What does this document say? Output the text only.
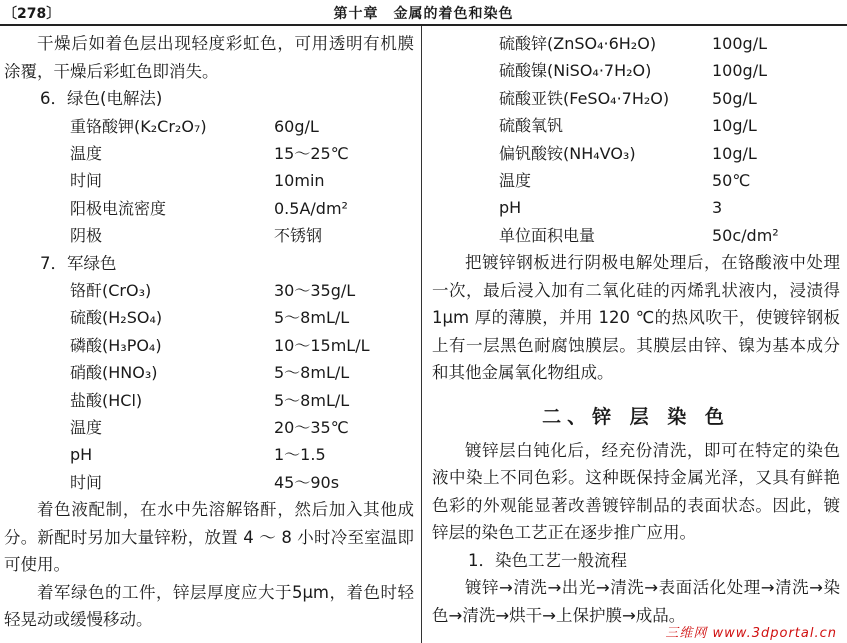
〔278〕	第十章　金属的着色和染色

干燥后如着色层出现轻度彩虹色，可用透明有机膜涂覆，干燥后彩虹色即消失。

6．绿色(电解法)
重铬酸钾(K₂Cr₂O₇)	60g/L
温度	15～25℃
时间	10min
阳极电流密度	0.5A/dm²
阴极	不锈钢
7．军绿色
铬酐(CrO₃)	30～35g/L
硫酸(H₂SO₄)	5～8mL/L
磷酸(H₃PO₄)	10～15mL/L
硝酸(HNO₃)	5～8mL/L
盐酸(HCl)	5～8mL/L
温度	20～35℃
pH	1～1.5
时间	45～90s

着色液配制，在水中先溶解铬酐，然后加入其他成分。新配时另加大量锌粉，放置 4 ～ 8 小时冷至室温即可使用。

着军绿色的工件，锌层厚度应大于5μm，着色时轻轻晃动或缓慢移动。

硫酸锌(ZnSO₄·6H₂O)	100g/L
硫酸镍(NiSO₄·7H₂O)	100g/L
硫酸亚铁(FeSO₄·7H₂O)	50g/L
硫酸氧钒	10g/L
偏钒酸铵(NH₄VO₃)	10g/L
温度	50℃
pH	3
单位面积电量	50c/dm²

把镀锌钢板进行阴极电解处理后，在铬酸液中处理一次，最后浸入加有二氧化硅的丙烯乳状液内，浸渍得 1μm 厚的薄膜，并用 120 ℃的热风吹干，使镀锌钢板上有一层黑色耐腐蚀膜层。其膜层由锌、镍为基本成分和其他金属氧化物组成。

二、锌 层 染 色

镀锌层白钝化后，经充份清洗，即可在特定的染色液中染上不同色彩。这种既保持金属光泽，又具有鲜艳色彩的外观能显著改善镀锌制品的表面状态。因此，镀锌层的染色工艺正在逐步推广应用。

1．染色工艺一般流程

镀锌→清洗→出光→清洗→表面活化处理→清洗→染色→清洗→烘干→上保护膜→成品。

三维网 www.3dportal.cn
